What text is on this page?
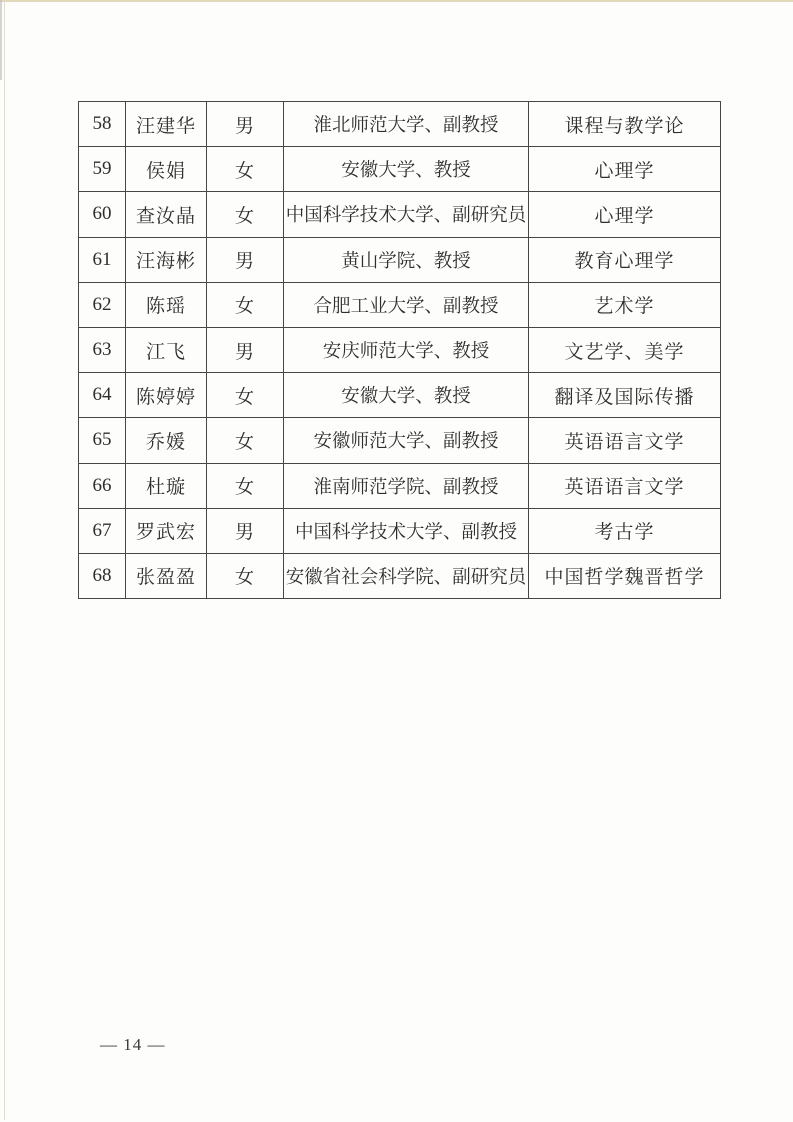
58	汪建华	男	淮北师范大学、副教授	课程与教学论
59	侯娟	女	安徽大学、教授	心理学
60	查汝晶	女	中国科学技术大学、副研究员	心理学
61	汪海彬	男	黄山学院、教授	教育心理学
62	陈瑶	女	合肥工业大学、副教授	艺术学
63	江飞	男	安庆师范大学、教授	文艺学、美学
64	陈婷婷	女	安徽大学、教授	翻译及国际传播
65	乔媛	女	安徽师范大学、副教授	英语语言文学
66	杜璇	女	淮南师范学院、副教授	英语语言文学
67	罗武宏	男	中国科学技术大学、副教授	考古学
68	张盈盈	女	安徽省社会科学院、副研究员	中国哲学魏晋哲学
— 14 —
